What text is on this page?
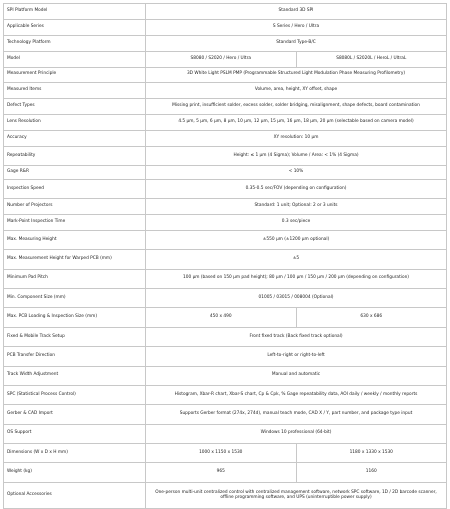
SPI Platform Model	Standard 3D SPI	
Applicable Series	S Series / Hero / Ultra	
Technology Platform	Standard Type-B/C	
Model	S8080 / S2020 / Hero / Ultra	S8080L / S2020L / HeroL / UltraL
Measurement Principle	3D White Light PSLM PMP (Programmable Structured Light Modulation Phase Measuring Profilometry)	
Measured Items	Volume, area, height, XY offset, shape	
Defect Types	Missing print, insufficient solder, excess solder, solder bridging, misalignment, shape defects, board contamination	
Lens Resolution	4.5 μm, 5 μm, 6 μm, 8 μm, 10 μm, 12 μm, 15 μm, 16 μm, 18 μm, 20 μm (selectable based on camera model)	
Accuracy	XY resolution: 10 μm	
Repeatability	Height: ≤ 1 μm (4 Sigma); Volume / Area: < 1% (4 Sigma)	
Gage R&R	< 10%	
Inspection Speed	0.35-0.5 sec/FOV (depending on configuration)	
Number of Projectors	Standard: 1 unit; Optional: 2 or 3 units	
Mark-Point Inspection Time	0.3 sec/piece	
Max. Measuring Height	±550 μm (±1200 μm optional)	
Max. Measurement Height for Warped PCB (mm)	±5	
Minimum Pad Pitch	100 μm (based on 150 μm pad height); 80 μm / 100 μm / 150 μm / 200 μm (depending on configuration)	
Min. Component Size (mm)	01005 / 03015 / 008004 (Optional)	
Max. PCB Loading & Inspection Size (mm)	450 x 490	630 x 686
Fixed & Mobile Track Setup	Front fixed track (Back fixed track optional)	
PCB Transfer Direction	Left-to-right or right-to-left	
Track Width Adjustment	Manual and automatic	
SPC (Statistical Process Control)	Histogram, Xbar-R chart, Xbar-S chart, Cp & Cpk, % Gage repeatability data, AOI daily / weekly / monthly reports	
Gerber & CAD Import	Supports Gerber format (274x, 274d), manual teach mode, CAD X / Y, part number, and package type input	
OS Support	Windows 10 professional (64-bit)	
Dimensions (W x D x H mm)	1000 x 1150 x 1530	1180 x 1330 x 1530
Weight (kg)	965	1160
Optional Accessories	One-person multi-unit centralized control with centralized management software, network SPC software, 1D / 2D barcode scanner, offline programming software, and UPS (uninterruptible power supply)	
